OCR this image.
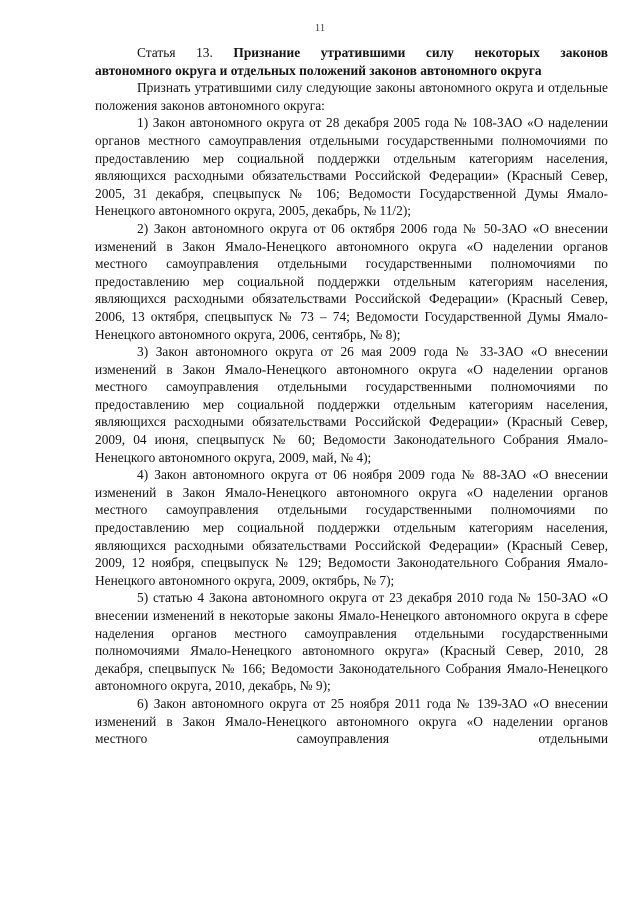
11

Статья 13. Признание утратившими силу некоторых законов

автономного округа и отдельных положений законов автономного округа

Признать утратившими силу следующие законы автономного округа и отдельные положения законов автономного округа:

1) Закон автономного округа от 28 декабря 2005 года № 108-ЗАО «О наделении органов местного самоуправления отдельными государственными полномочиями по предоставлению мер социальной поддержки отдельным категориям населения, являющихся расходными обязательствами Российской Федерации» (Красный Север, 2005, 31 декабря, спецвыпуск № 106; Ведомости Государственной Думы Ямало-Ненецкого автономного округа, 2005, декабрь, № 11/2);

2) Закон автономного округа от 06 октября 2006 года № 50-ЗАО «О внесении изменений в Закон Ямало-Ненецкого автономного округа «О наделении органов местного самоуправления отдельными государственными полномочиями по предоставлению мер социальной поддержки отдельным категориям населения, являющихся расходными обязательствами Российской Федерации» (Красный Север, 2006, 13 октября, спецвыпуск № 73 – 74; Ведомости Государственной Думы Ямало-Ненецкого автономного округа, 2006, сентябрь, № 8);

3) Закон автономного округа от 26 мая 2009 года № 33-ЗАО «О внесении изменений в Закон Ямало-Ненецкого автономного округа «О наделении органов местного самоуправления отдельными государственными полномочиями по предоставлению мер социальной поддержки отдельным категориям населения, являющихся расходными обязательствами Российской Федерации» (Красный Север, 2009, 04 июня, спецвыпуск № 60; Ведомости Законодательного Собрания Ямало-Ненецкого автономного округа, 2009, май, № 4);

4) Закон автономного округа от 06 ноября 2009 года № 88-ЗАО «О внесении изменений в Закон Ямало-Ненецкого автономного округа «О наделении органов местного самоуправления отдельными государственными полномочиями по предоставлению мер социальной поддержки отдельным категориям населения, являющихся расходными обязательствами Российской Федерации» (Красный Север, 2009, 12 ноября, спецвыпуск № 129; Ведомости Законодательного Собрания Ямало-Ненецкого автономного округа, 2009, октябрь, № 7);

5) статью 4 Закона автономного округа от 23 декабря 2010 года № 150-ЗАО «О внесении изменений в некоторые законы Ямало-Ненецкого автономного округа в сфере наделения органов местного самоуправления отдельными государственными полномочиями Ямало-Ненецкого автономного округа» (Красный Север, 2010, 28 декабря, спецвыпуск № 166; Ведомости Законодательного Собрания Ямало-Ненецкого автономного округа, 2010, декабрь, № 9);

6) Закон автономного округа от 25 ноября 2011 года № 139-ЗАО «О внесении изменений в Закон Ямало-Ненецкого автономного округа «О наделении органов местного самоуправления отдельными
